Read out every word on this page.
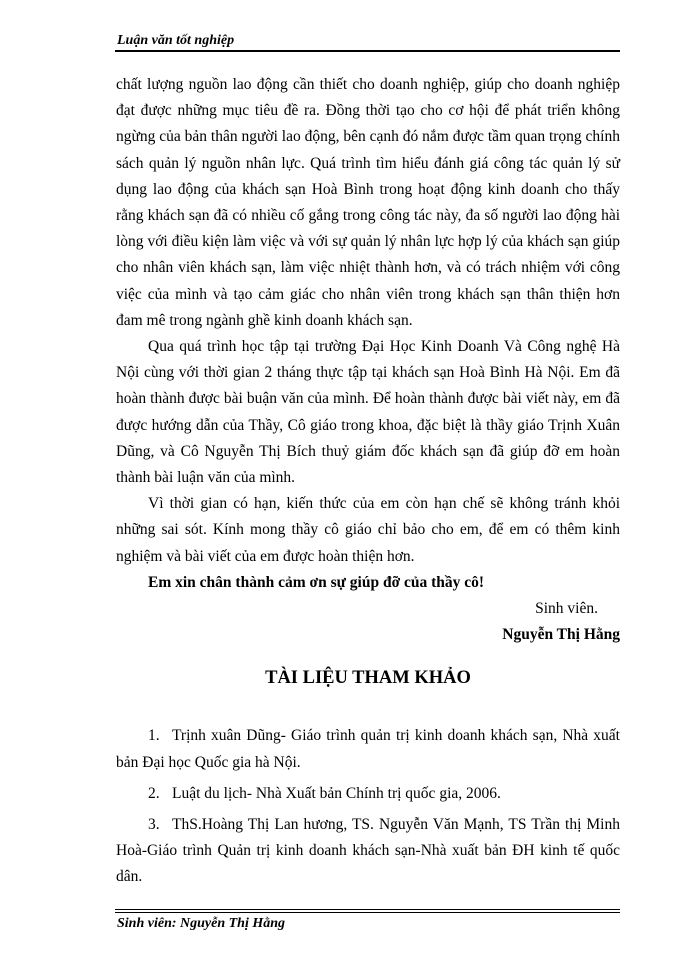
Luận văn tốt nghiệp

chất lượng nguồn lao động cần thiết cho doanh nghiệp, giúp cho doanh nghiệp đạt được những mục tiêu đề ra. Đồng thời tạo cho cơ hội để phát triển không ngừng của bản thân người lao động, bên cạnh đó nắm được tầm quan trọng chính sách quản lý nguồn nhân lực. Quá trình tìm hiểu đánh giá công tác quản lý sử dụng lao động của khách sạn Hoà Bình trong hoạt động kinh doanh cho thấy rằng khách sạn đã có nhiều cố gắng trong công tác này, đa số người lao động hài lòng với điều kiện làm việc và với sự quản lý nhân lực hợp lý của khách sạn giúp cho nhân viên khách sạn, làm việc nhiệt thành hơn, và có trách nhiệm với công việc của mình và tạo cảm giác cho nhân viên trong khách sạn thân thiện hơn đam mê trong ngành ghề kinh doanh khách sạn.

Qua quá trình học tập tại trường Đại Học Kinh Doanh Và Công nghệ Hà Nội cùng với thời gian 2 tháng thực tập tại khách sạn Hoà Bình Hà Nội. Em đã hoàn thành được bài buận văn của mình. Để hoàn thành được bài viết này, em đã được hướng dẫn của Thầy, Cô giáo trong khoa, đặc biệt là thầy giáo Trịnh Xuân Dũng, và Cô Nguyễn Thị Bích thuỷ giám đốc khách sạn đã giúp đỡ em hoàn thành bài luận văn của mình.

Vì thời gian có hạn, kiến thức của em còn hạn chế sẽ không tránh khỏi những sai sót. Kính mong thầy cô giáo chỉ bảo cho em, để em có thêm kinh nghiệm và bài viết của em được hoàn thiện hơn.

Em xin chân thành cảm ơn sự giúp đỡ của thầy cô!

Sinh viên.

Nguyễn Thị Hằng

TÀI LIỆU THAM KHẢO
1. Trịnh xuân Dũng- Giáo trình quản trị kinh doanh khách sạn, Nhà xuất bản Đại học Quốc gia hà Nội.
2. Luật du lịch- Nhà Xuất bản Chính trị quốc gia, 2006.
3. ThS.Hoàng Thị Lan hương, TS. Nguyễn Văn Mạnh, TS Trần thị Minh Hoà-Giáo trình Quản trị kinh doanh khách sạn-Nhà xuất bản ĐH kinh tế quốc dân.
Sinh viên: Nguyễn Thị Hằng
